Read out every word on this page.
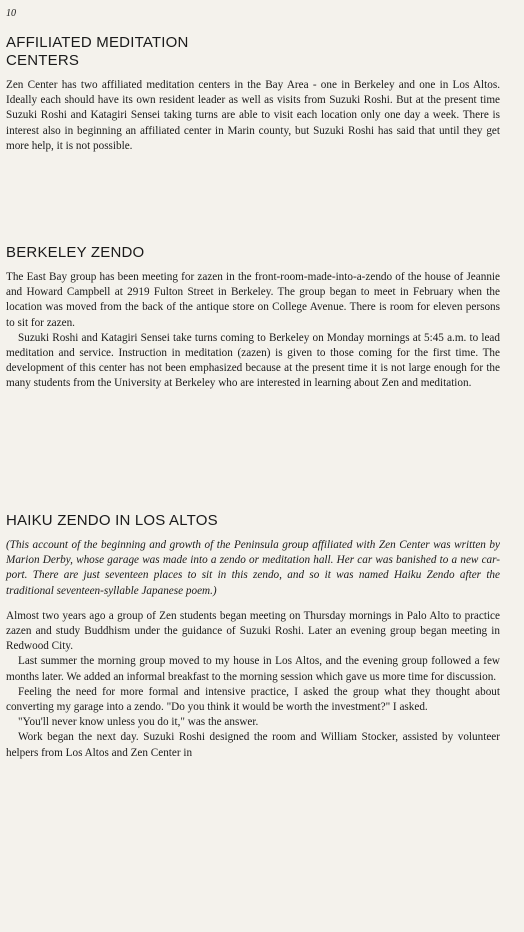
10
AFFILIATED MEDITATION CENTERS

Zen Center has two affiliated meditation centers in the Bay Area - one in Berkeley and one in Los Altos. Ideally each should have its own resident leader as well as visits from Suzuki Roshi. But at the present time Suzuki Roshi and Katagiri Sensei taking turns are able to visit each location only one day a week. There is interest also in beginning an affiliated center in Marin county, but Suzuki Roshi has said that until they get more help, it is not possible.

BERKELEY ZENDO

The East Bay group has been meeting for zazen in the front-room-made-into-a-zendo of the house of Jeannie and Howard Campbell at 2919 Fulton Street in Berkeley. The group began to meet in February when the location was moved from the back of the antique store on College Avenue. There is room for eleven persons to sit for zazen.

Suzuki Roshi and Katagiri Sensei take turns coming to Berkeley on Monday mornings at 5:45 a.m. to lead meditation and service. Instruction in meditation (zazen) is given to those coming for the first time. The development of this center has not been emphasized because at the present time it is not large enough for the many students from the University at Berkeley who are interested in learning about Zen and meditation.

HAIKU ZENDO IN LOS ALTOS

(This account of the beginning and growth of the Peninsula group affiliated with Zen Center was written by Marion Derby, whose garage was made into a zendo or meditation hall. Her car was banished to a new car-port. There are just seventeen places to sit in this zendo, and so it was named Haiku Zendo after the traditional seventeen-syllable Japanese poem.)

Almost two years ago a group of Zen students began meeting on Thursday mornings in Palo Alto to practice zazen and study Buddhism under the guidance of Suzuki Roshi. Later an evening group began meeting in Redwood City.

Last summer the morning group moved to my house in Los Altos, and the evening group followed a few months later. We added an informal breakfast to the morning session which gave us more time for discussion.

Feeling the need for more formal and intensive practice, I asked the group what they thought about converting my garage into a zendo. "Do you think it would be worth the investment?" I asked.

"You'll never know unless you do it," was the answer.

Work began the next day. Suzuki Roshi designed the room and William Stocker, assisted by volunteer helpers from Los Altos and Zen Center in
